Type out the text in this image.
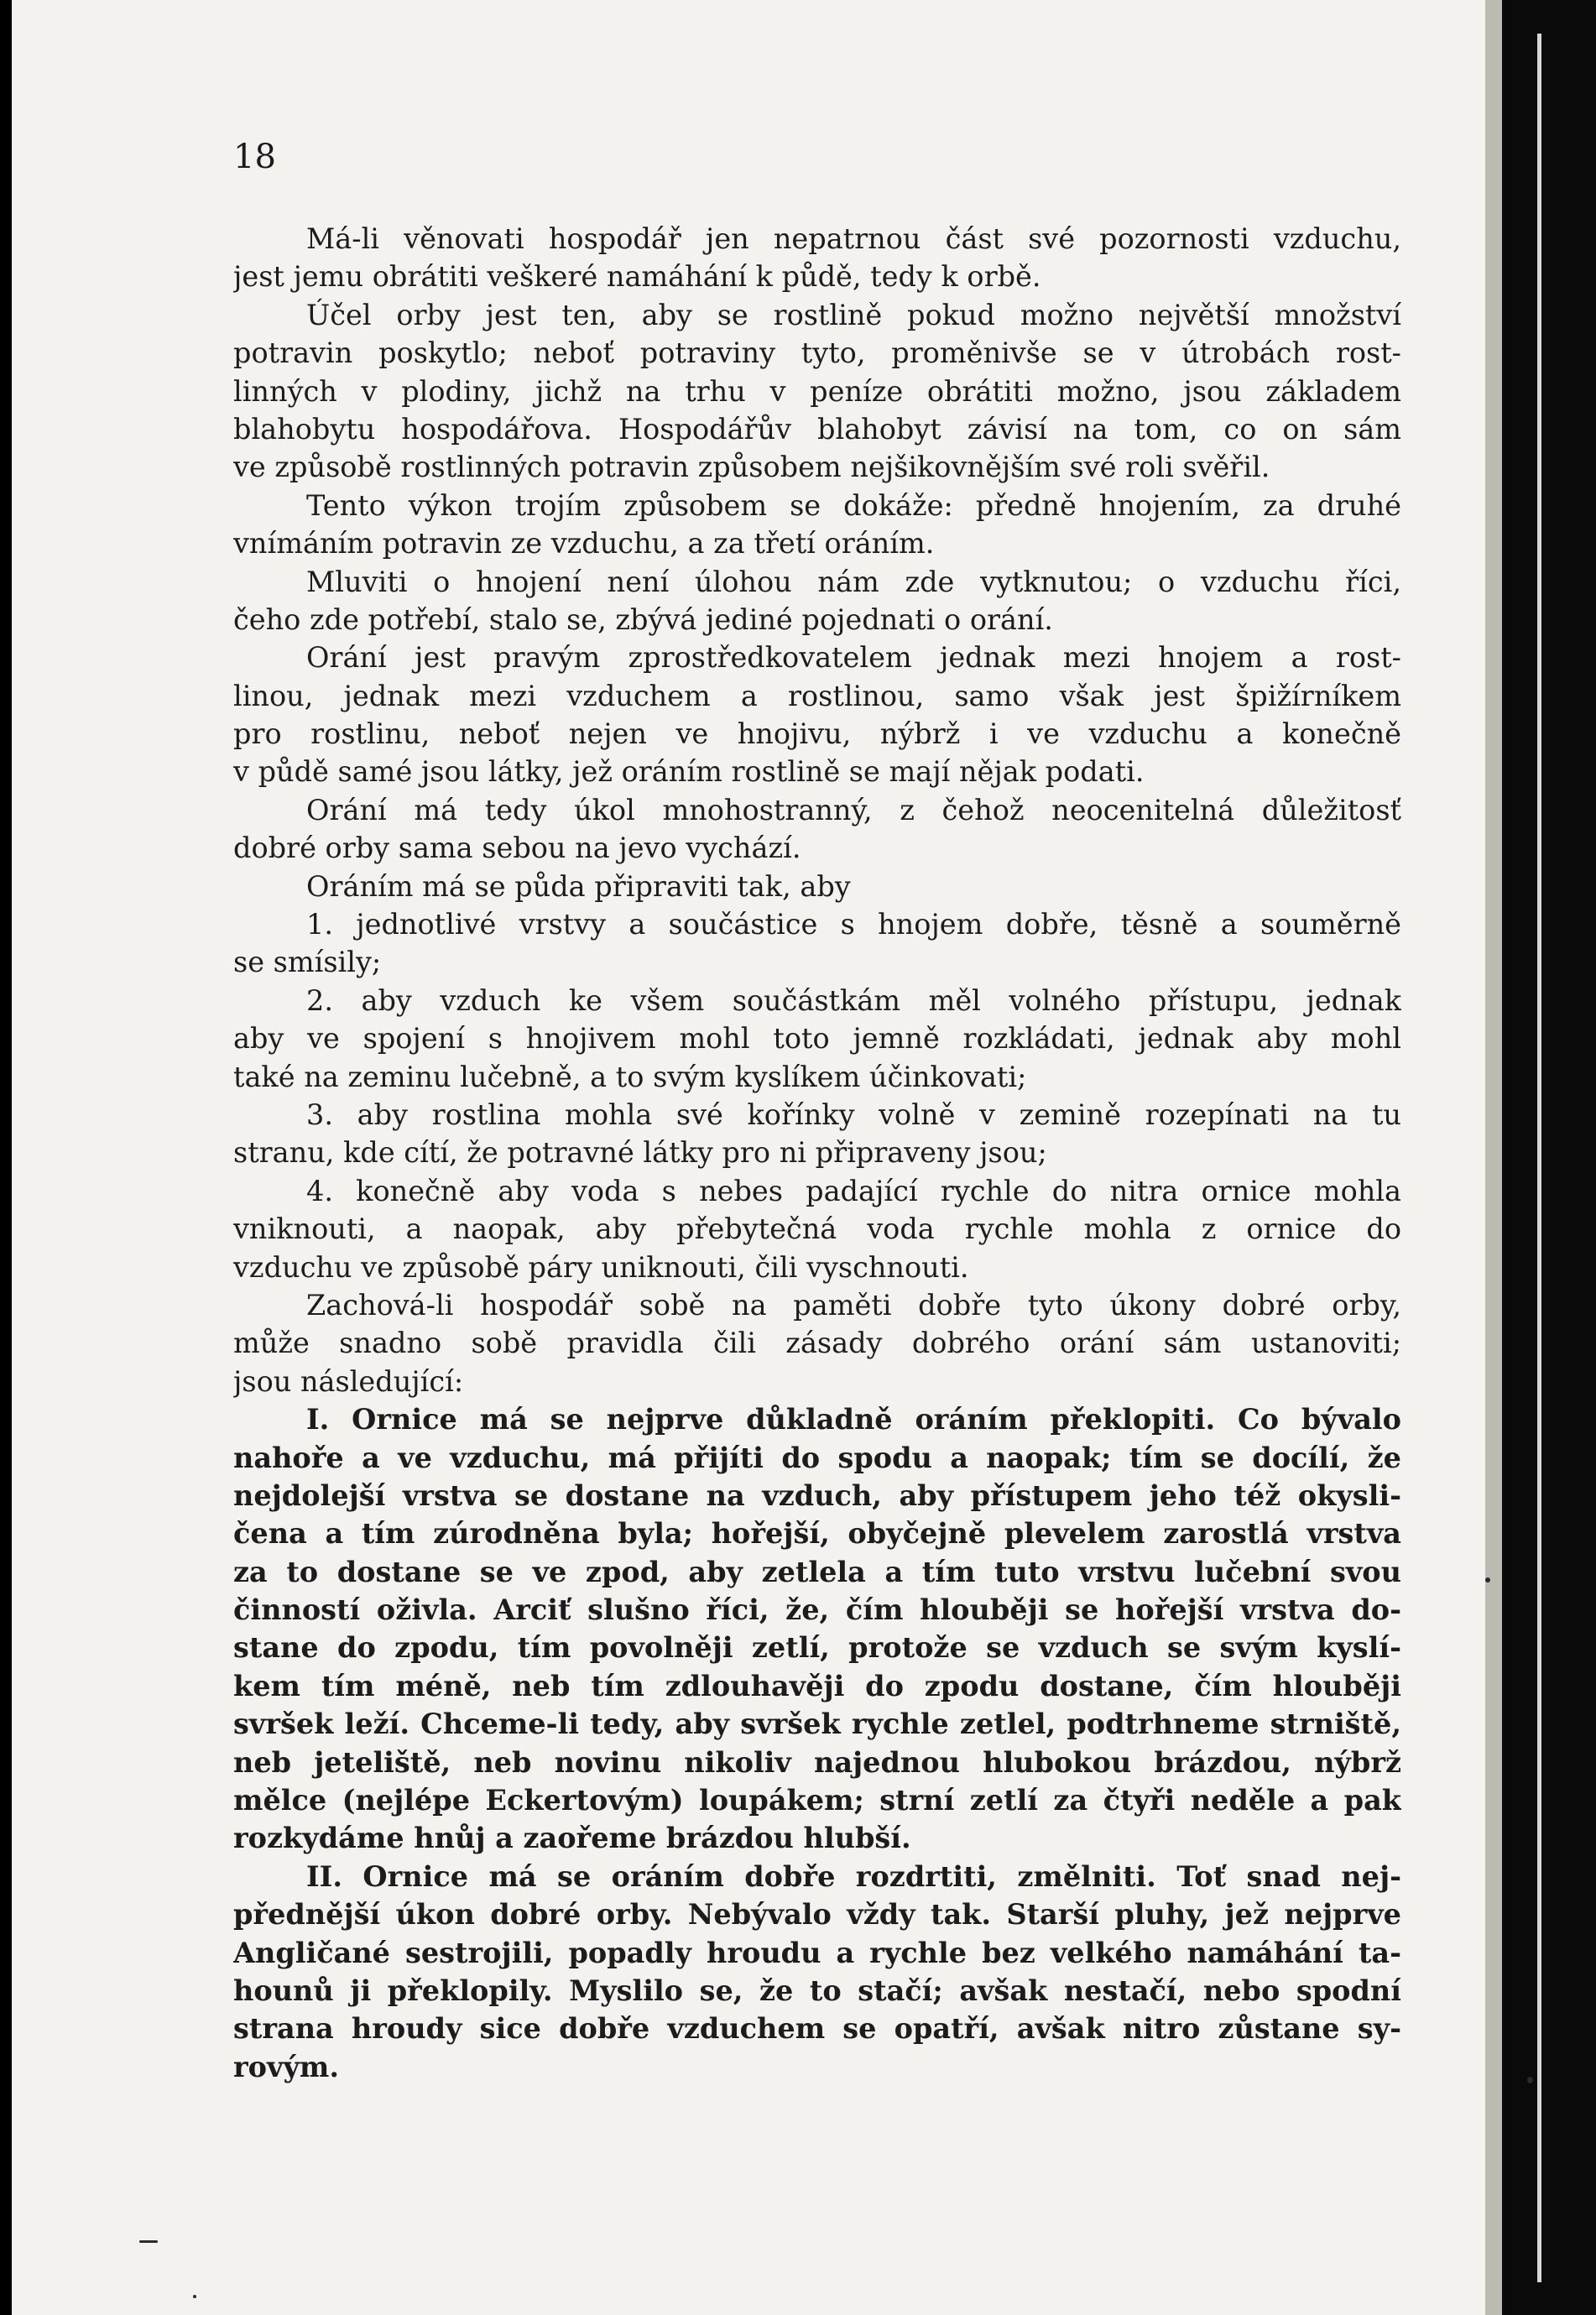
18
Má-li věnovati hospodář jen nepatrnou část své pozornosti vzduchu,
jest jemu obrátiti veškeré namáhání k půdě, tedy k orbě.
Účel orby jest ten, aby se rostlině pokud možno největší množství
potravin poskytlo; neboť potraviny tyto, proměnivše se v útrobách rost-
linných v plodiny, jichž na trhu v peníze obrátiti možno, jsou základem
blahobytu hospodářova. Hospodářův blahobyt závisí na tom, co on sám
ve způsobě rostlinných potravin způsobem nejšikovnějším své roli svěřil.
Tento výkon trojím způsobem se dokáže: předně hnojením, za druhé
vnímáním potravin ze vzduchu, a za třetí oráním.
Mluviti o hnojení není úlohou nám zde vytknutou; o vzduchu říci,
čeho zde potřebí, stalo se, zbývá jediné pojednati o orání.
Orání jest pravým zprostředkovatelem jednak mezi hnojem a rost-
linou, jednak mezi vzduchem a rostlinou, samo však jest špižírníkem
pro rostlinu, neboť nejen ve hnojivu, nýbrž i ve vzduchu a konečně
v půdě samé jsou látky, jež oráním rostlině se mají nějak podati.
Orání má tedy úkol mnohostranný, z čehož neocenitelná důležitosť
dobré orby sama sebou na jevo vychází.
Oráním má se půda připraviti tak, aby
1. jednotlivé vrstvy a součástice s hnojem dobře, těsně a souměrně
se smísily;
2. aby vzduch ke všem součástkám měl volného přístupu, jednak
aby ve spojení s hnojivem mohl toto jemně rozkládati, jednak aby mohl
také na zeminu lučebně, a to svým kyslíkem účinkovati;
3. aby rostlina mohla své kořínky volně v zemině rozepínati na tu
stranu, kde cítí, že potravné látky pro ni připraveny jsou;
4. konečně aby voda s nebes padající rychle do nitra ornice mohla
vniknouti, a naopak, aby přebytečná voda rychle mohla z ornice do
vzduchu ve způsobě páry uniknouti, čili vyschnouti.
Zachová-li hospodář sobě na paměti dobře tyto úkony dobré orby,
může snadno sobě pravidla čili zásady dobrého orání sám ustanoviti;
jsou následující:
I. Ornice má se nejprve důkladně oráním překlopiti. Co bývalo
nahoře a ve vzduchu, má přijíti do spodu a naopak; tím se docílí, že
nejdolejší vrstva se dostane na vzduch, aby přístupem jeho též okysli-
čena a tím zúrodněna byla; hořejší, obyčejně plevelem zarostlá vrstva
za to dostane se ve zpod, aby zetlela a tím tuto vrstvu lučební svou
činností oživla. Arciť slušno říci, že, čím hlouběji se hořejší vrstva do-
stane do zpodu, tím povolněji zetlí, protože se vzduch se svým kyslí-
kem tím méně, neb tím zdlouhavěji do zpodu dostane, čím hlouběji
svršek leží. Chceme-li tedy, aby svršek rychle zetlel, podtrhneme strniště,
neb jeteliště, neb novinu nikoliv najednou hlubokou brázdou, nýbrž
mělce (nejlépe Eckertovým) loupákem; strní zetlí za čtyři neděle a pak
rozkydáme hnůj a zaořeme brázdou hlubší.
II. Ornice má se oráním dobře rozdrtiti, změlniti. Toť snad nej-
přednější úkon dobré orby. Nebývalo vždy tak. Starší pluhy, jež nejprve
Angličané sestrojili, popadly hroudu a rychle bez velkého namáhání ta-
hounů ji překlopily. Myslilo se, že to stačí; avšak nestačí, nebo spodní
strana hroudy sice dobře vzduchem se opatří, avšak nitro zůstane sy-
rovým.
